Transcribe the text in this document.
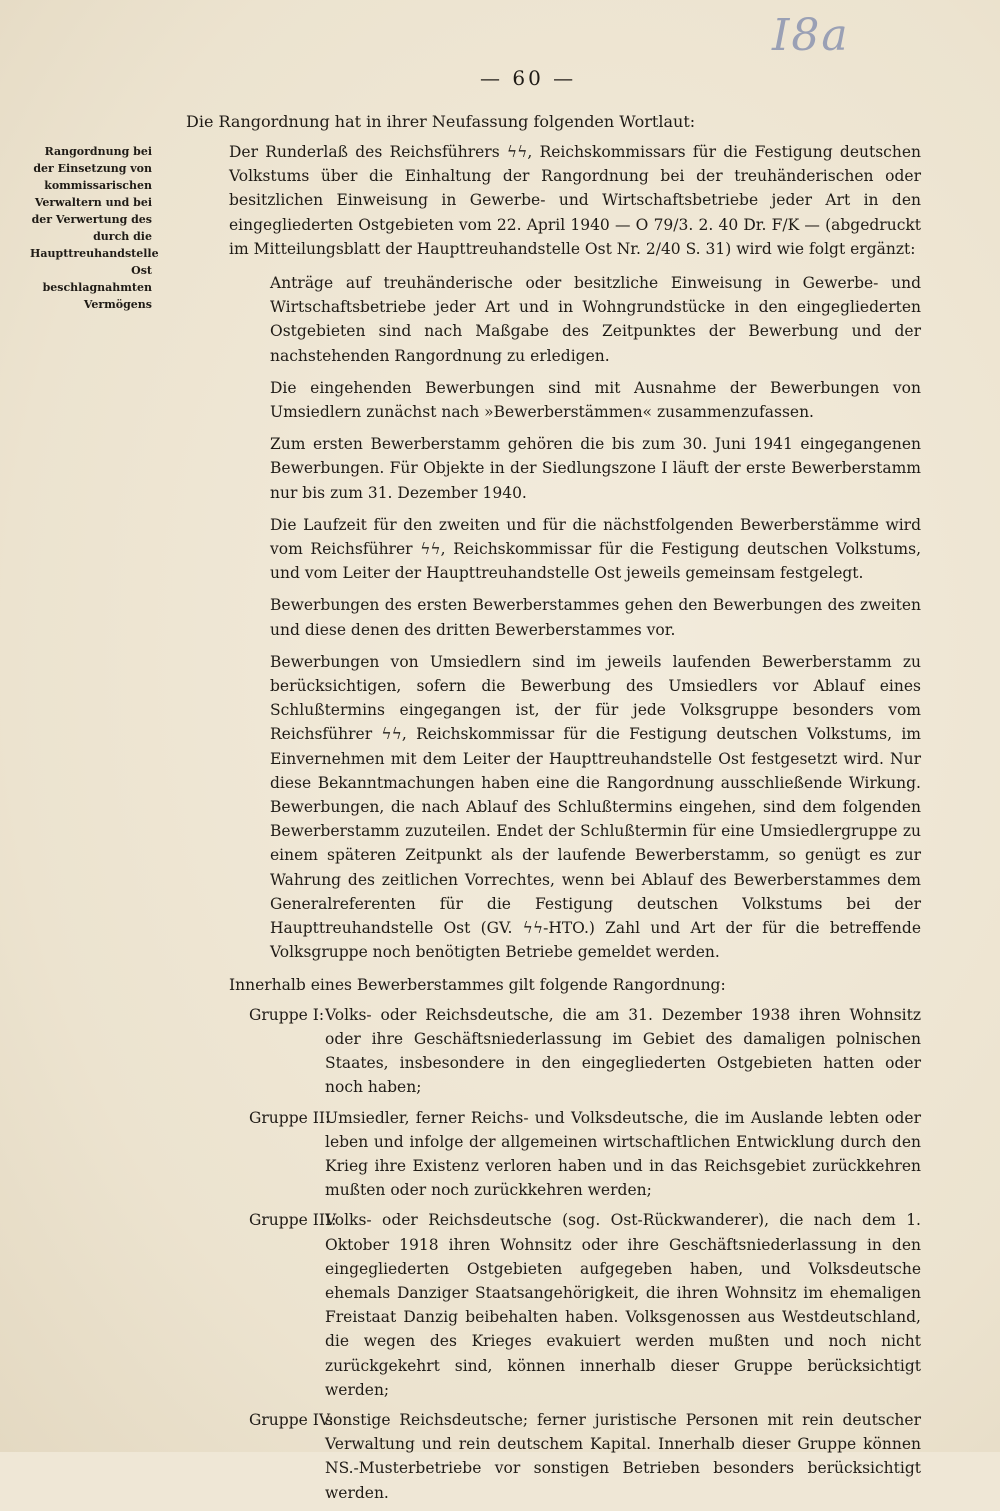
I8a
— 60 —
Rangordnung bei der Einsetzung von kommissarischen Verwaltern und bei der Verwertung des durch die Haupttreuhandstelle Ost beschlagnahmten Vermögens
Die Rangordnung hat in ihrer Neufassung folgenden Wortlaut:

Der Runderlaß des Reichsführers ϟϟ, Reichskommissars für die Festigung deutschen Volkstums über die Einhaltung der Rangordnung bei der treuhänderischen oder besitzlichen Einweisung in Gewerbe- und Wirtschaftsbetriebe jeder Art in den eingegliederten Ostgebieten vom 22. April 1940 — O 79/3. 2. 40 Dr. F/K — (abgedruckt im Mitteilungsblatt der Haupttreuhandstelle Ost Nr. 2/40 S. 31) wird wie folgt ergänzt:

Anträge auf treuhänderische oder besitzliche Einweisung in Gewerbe- und Wirtschaftsbetriebe jeder Art und in Wohngrundstücke in den eingegliederten Ostgebieten sind nach Maßgabe des Zeitpunktes der Bewerbung und der nachstehenden Rangordnung zu erledigen.

Die eingehenden Bewerbungen sind mit Ausnahme der Bewerbungen von Umsiedlern zunächst nach »Bewerberstämmen« zusammenzufassen.

Zum ersten Bewerberstamm gehören die bis zum 30. Juni 1941 eingegangenen Bewerbungen. Für Objekte in der Siedlungszone I läuft der erste Bewerberstamm nur bis zum 31. Dezember 1940.

Die Laufzeit für den zweiten und für die nächstfolgenden Bewerberstämme wird vom Reichsführer ϟϟ, Reichskommissar für die Festigung deutschen Volkstums, und vom Leiter der Haupttreuhandstelle Ost jeweils gemeinsam festgelegt.

Bewerbungen des ersten Bewerberstammes gehen den Bewerbungen des zweiten und diese denen des dritten Bewerberstammes vor.

Bewerbungen von Umsiedlern sind im jeweils laufenden Bewerberstamm zu berücksichtigen, sofern die Bewerbung des Umsiedlers vor Ablauf eines Schlußtermins eingegangen ist, der für jede Volksgruppe besonders vom Reichsführer ϟϟ, Reichskommissar für die Festigung deutschen Volkstums, im Einvernehmen mit dem Leiter der Haupttreuhandstelle Ost festgesetzt wird. Nur diese Bekanntmachungen haben eine die Rangordnung ausschließende Wirkung. Bewerbungen, die nach Ablauf des Schlußtermins eingehen, sind dem folgenden Bewerberstamm zuzuteilen. Endet der Schlußtermin für eine Umsiedlergruppe zu einem späteren Zeitpunkt als der laufende Bewerberstamm, so genügt es zur Wahrung des zeitlichen Vorrechtes, wenn bei Ablauf des Bewerberstammes dem Generalreferenten für die Festigung deutschen Volkstums bei der Haupttreuhandstelle Ost (GV. ϟϟ-HTO.) Zahl und Art der für die betreffende Volksgruppe noch benötigten Betriebe gemeldet werden.

Innerhalb eines Bewerberstammes gilt folgende Rangordnung:

Gruppe I: Volks- oder Reichsdeutsche, die am 31. Dezember 1938 ihren Wohnsitz oder ihre Geschäftsniederlassung im Gebiet des damaligen polnischen Staates, insbesondere in den eingegliederten Ostgebieten hatten oder noch haben;
Gruppe II:
Umsiedler, ferner Reichs- und Volksdeutsche, die im Auslande lebten oder leben und infolge der allgemeinen wirtschaftlichen Entwicklung durch den Krieg ihre Existenz verloren haben und in das Reichsgebiet zurückkehren mußten oder noch zurückkehren werden;
Gruppe III:
Volks- oder Reichsdeutsche (sog. Ost-Rückwanderer), die nach dem 1. Oktober 1918 ihren Wohnsitz oder ihre Geschäftsniederlassung in den eingegliederten Ostgebieten aufgegeben haben, und Volksdeutsche ehemals Danziger Staatsangehörigkeit, die ihren Wohnsitz im ehemaligen Freistaat Danzig beibehalten haben. Volksgenossen aus Westdeutschland, die wegen des Krieges evakuiert werden mußten und noch nicht zurückgekehrt sind, können innerhalb dieser Gruppe berücksichtigt werden;
Gruppe IV:
sonstige Reichsdeutsche; ferner juristische Personen mit rein deutscher Verwaltung und rein deutschem Kapital. Innerhalb dieser Gruppe können NS.-Musterbetriebe vor sonstigen Betrieben besonders berücksichtigt werden.
